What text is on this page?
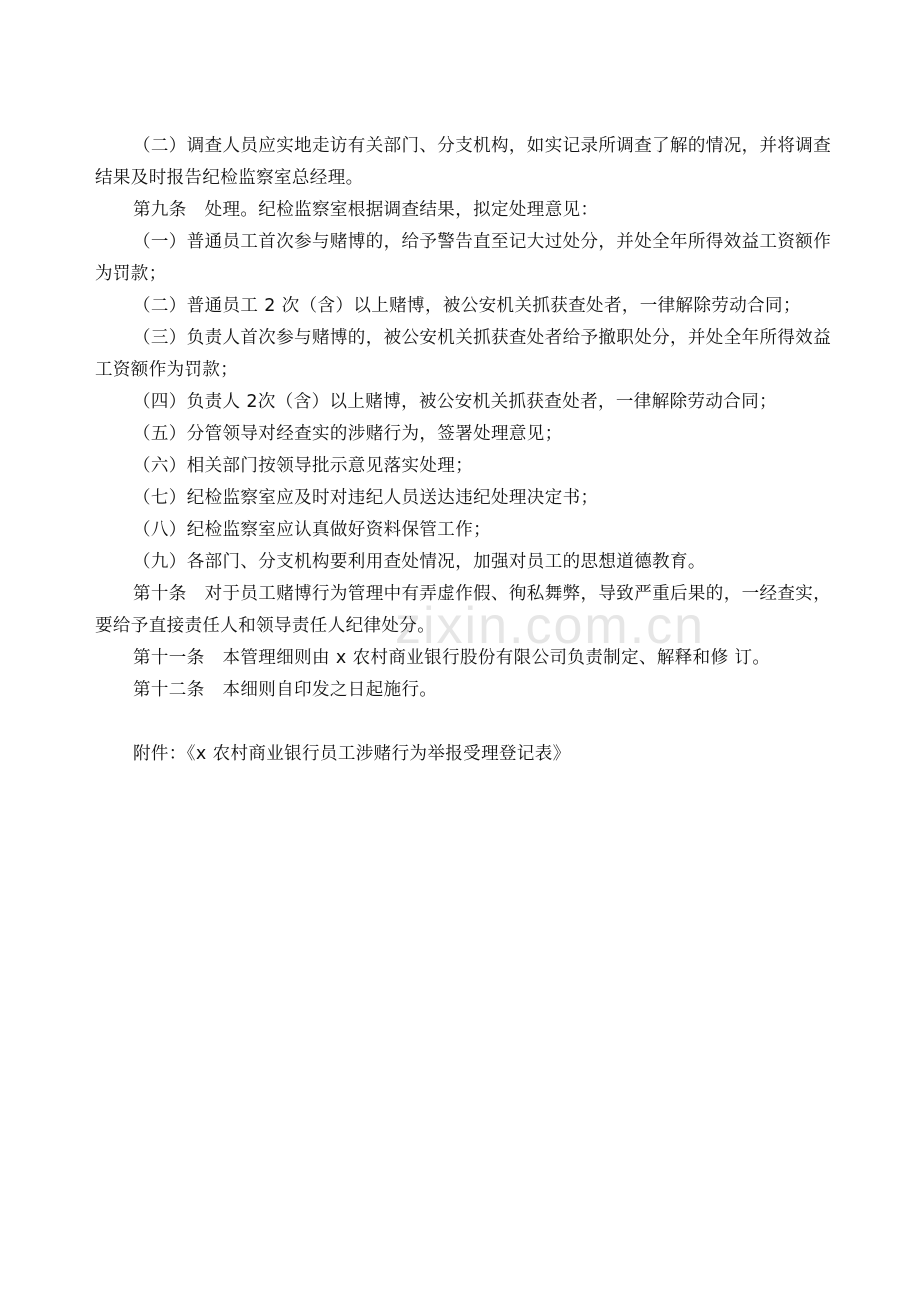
zixin.com.cn

（二）调查人员应实地走访有关部门、分支机构，如实记录所调查了解的情况，并将调查结果及时报告纪检监察室总经理。

第九条　处理。纪检监察室根据调查结果，拟定处理意见：

（一）普通员工首次参与赌博的，给予警告直至记大过处分，并处全年所得效益工资额作为罚款；

（二）普通员工 2 次（含）以上赌博，被公安机关抓获查处者，一律解除劳动合同；

（三）负责人首次参与赌博的，被公安机关抓获查处者给予撤职处分，并处全年所得效益工资额作为罚款；

（四）负责人 2次（含）以上赌博，被公安机关抓获查处者，一律解除劳动合同；

（五）分管领导对经查实的涉赌行为，签署处理意见；

（六）相关部门按领导批示意见落实处理；

（七）纪检监察室应及时对违纪人员送达违纪处理决定书；

（八）纪检监察室应认真做好资料保管工作；

（九）各部门、分支机构要利用查处情况，加强对员工的思想道德教育。

第十条　对于员工赌博行为管理中有弄虚作假、徇私舞弊，导致严重后果的，一经查实，要给予直接责任人和领导责任人纪律处分。

第十一条　本管理细则由 x 农村商业银行股份有限公司负责制定、解释和修 订。

第十二条　本细则自印发之日起施行。

附件：《x 农村商业银行员工涉赌行为举报受理登记表》
